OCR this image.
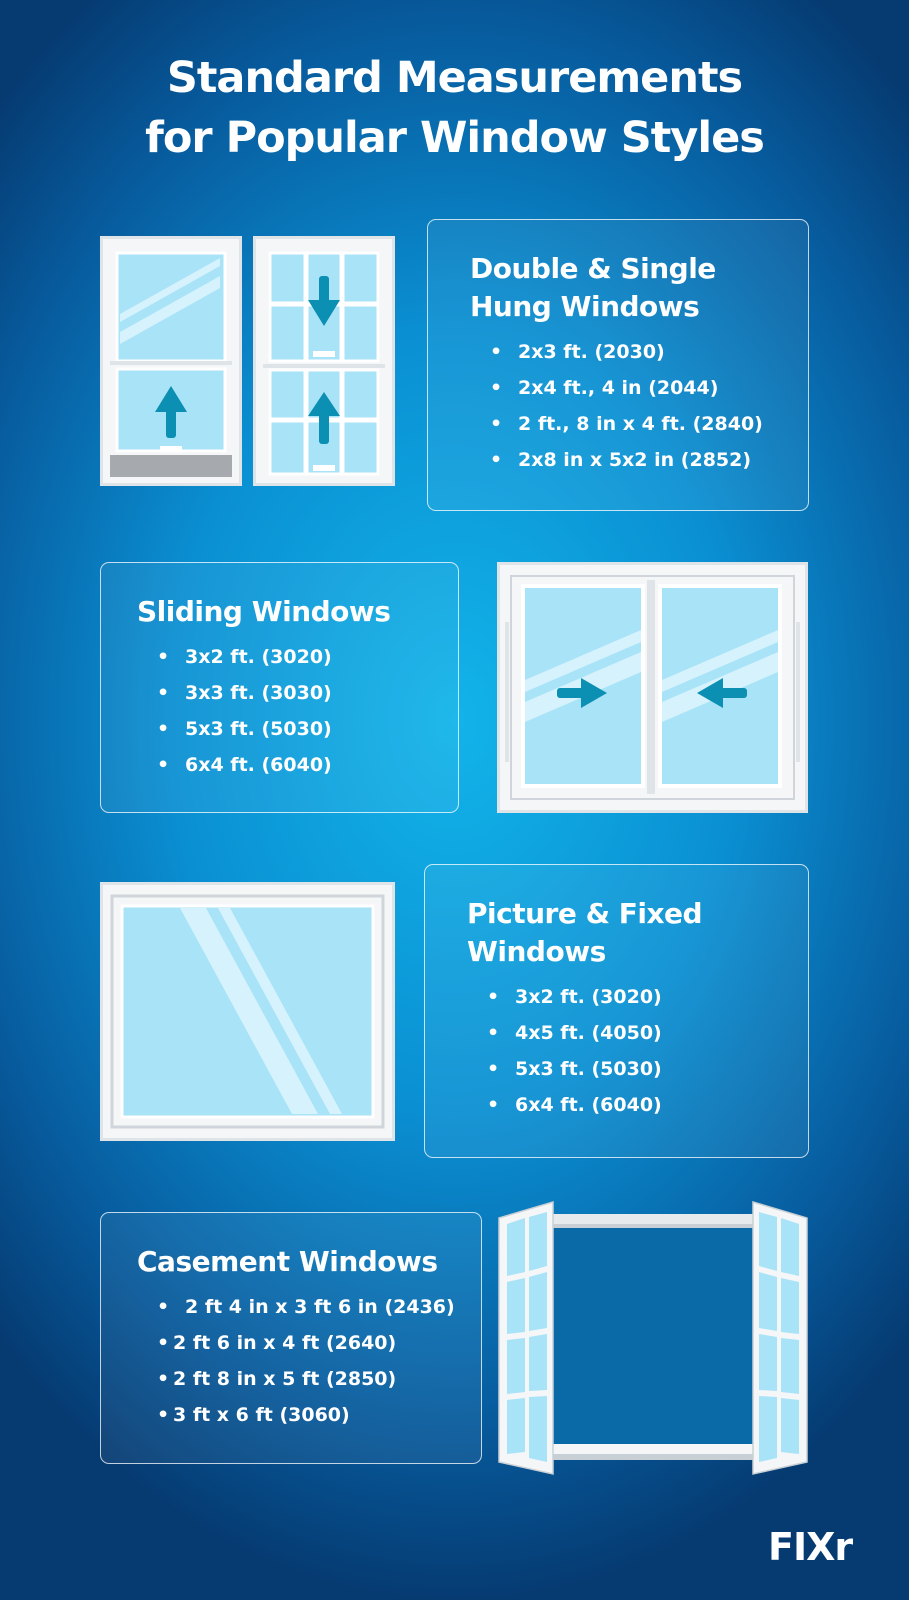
Standard Measurements
for Popular Window Styles
Double & Single
Hung Windows
• 2x3 ft. (2030)
• 2x4 ft., 4 in (2044)
• 2 ft., 8 in x 4 ft. (2840)
• 2x8 in x 5x2 in (2852)
Sliding Windows
• 3x2 ft. (3020)
• 3x3 ft. (3030)
• 5x3 ft. (5030)
• 6x4 ft. (6040)
Picture & Fixed
Windows
• 3x2 ft. (3020)
• 4x5 ft. (4050)
• 5x3 ft. (5030)
• 6x4 ft. (6040)
Casement Windows
• 2 ft 4 in x 3 ft 6 in (2436)
• 2 ft 6 in x 4 ft (2640)
• 2 ft 8 in x 5 ft (2850)
• 3 ft x 6 ft (3060)
FIXr
